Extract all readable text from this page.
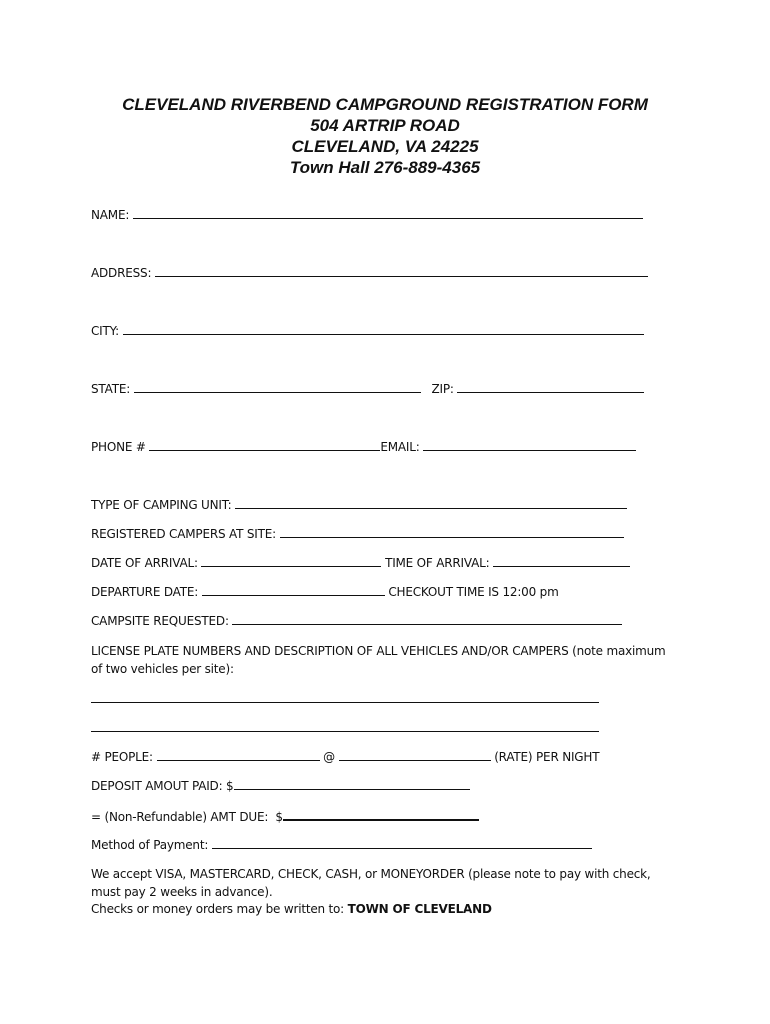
CLEVELAND RIVERBEND CAMPGROUND REGISTRATION FORM
504 ARTRIP ROAD
CLEVELAND, VA 24225
Town Hall 276-889-4365
NAME:
ADDRESS:
CITY:
STATE:	ZIP:
PHONE #	EMAIL:
TYPE OF CAMPING UNIT:
REGISTERED CAMPERS AT SITE:
DATE OF ARRIVAL:	TIME OF ARRIVAL:
DEPARTURE DATE:	CHECKOUT TIME IS 12:00 pm
CAMPSITE REQUESTED:
LICENSE PLATE NUMBERS AND DESCRIPTION OF ALL VEHICLES AND/OR CAMPERS (note maximum of two vehicles per site):
# PEOPLE:	@	(RATE) PER NIGHT
DEPOSIT AMOUT PAID: $
= (Non-Refundable) AMT DUE: $
Method of Payment:
We accept VISA, MASTERCARD, CHECK, CASH, or MONEYORDER (please note to pay with check, must pay 2 weeks in advance).
Checks or money orders may be written to: TOWN OF CLEVELAND
